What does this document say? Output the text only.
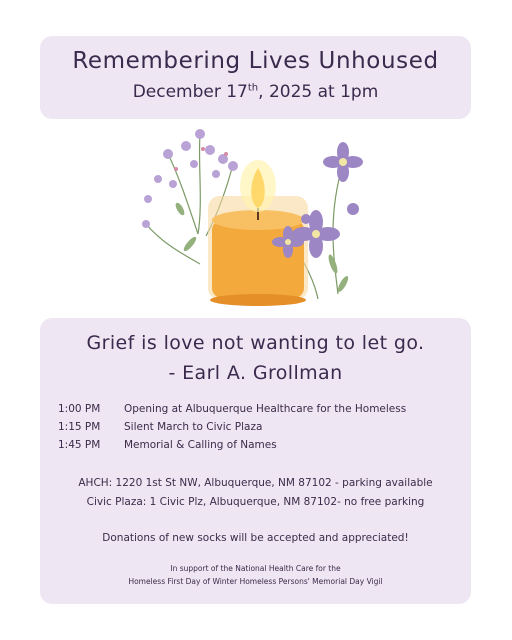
Remembering Lives Unhoused
December 17th, 2025 at 1pm
Grief is love not wanting to let go.
- Earl A. Grollman
1:00 PM	Opening at Albuquerque Healthcare for the Homeless
1:15 PM	Silent March to Civic Plaza
1:45 PM	Memorial & Calling of Names
AHCH: 1220 1st St NW, Albuquerque, NM 87102 - parking available
Civic Plaza: 1 Civic Plz, Albuquerque, NM 87102- no free parking
Donations of new socks will be accepted and appreciated!
In support of the National Health Care for the
Homeless First Day of Winter Homeless Persons' Memorial Day Vigil
